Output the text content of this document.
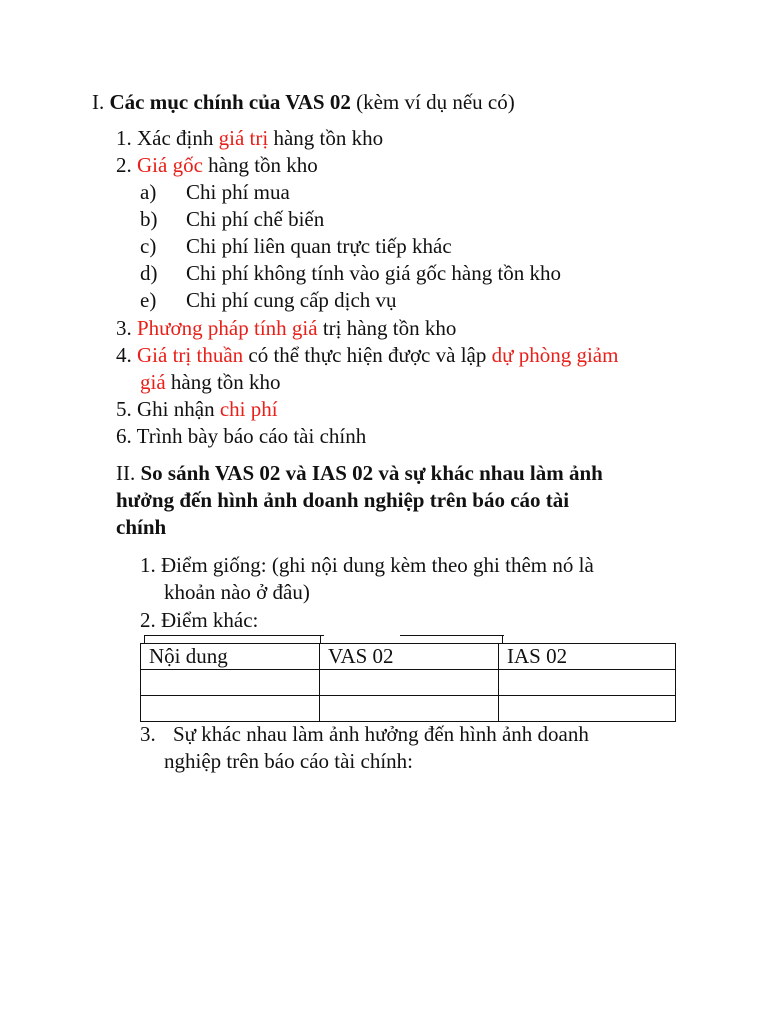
I. Các mục chính của VAS 02 (kèm ví dụ nếu có)
1. Xác định giá trị hàng tồn kho
2. Giá gốc hàng tồn kho
a) Chi phí mua
b) Chi phí chế biến
c) Chi phí liên quan trực tiếp khác
d) Chi phí không tính vào giá gốc hàng tồn kho
e) Chi phí cung cấp dịch vụ
3. Phương pháp tính giá trị hàng tồn kho
4. Giá trị thuần có thể thực hiện được và lập dự phòng giảm
giá hàng tồn kho
5. Ghi nhận chi phí
6. Trình bày báo cáo tài chính
II. So sánh VAS 02 và IAS 02 và sự khác nhau làm ảnh
hưởng đến hình ảnh doanh nghiệp trên báo cáo tài
chính
1. Điểm giống: (ghi nội dung kèm theo ghi thêm nó là
khoản nào ở đâu)
2. Điểm khác:
Nội dung	VAS 02	IAS 02

3. Sự khác nhau làm ảnh hưởng đến hình ảnh doanh
nghiệp trên báo cáo tài chính:
